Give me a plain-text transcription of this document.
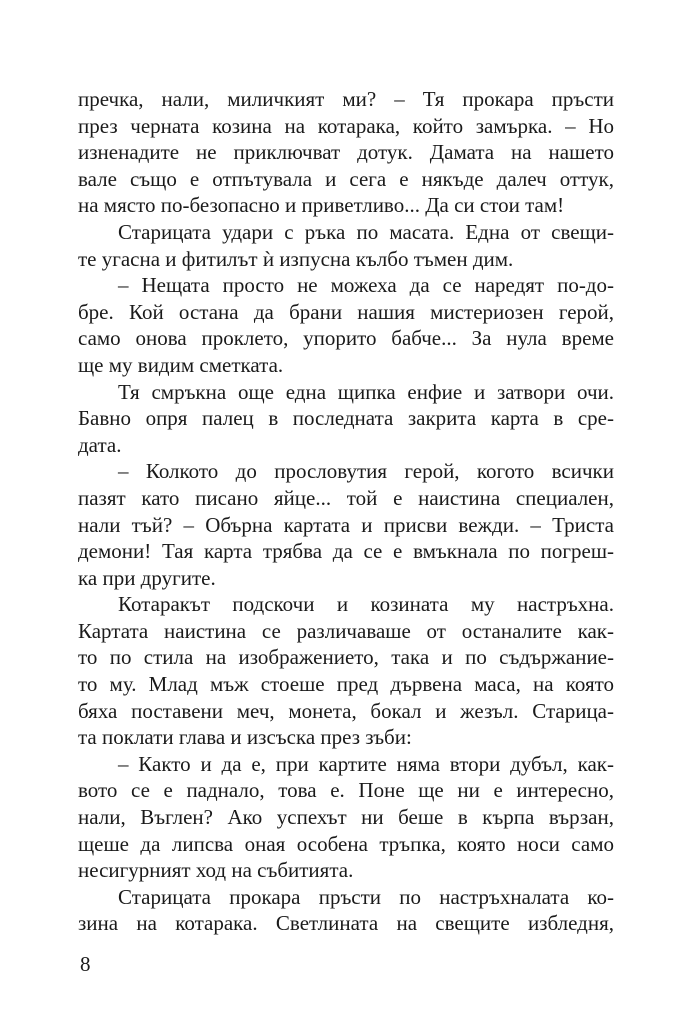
пречка, нали, миличкият ми? – Тя прокара пръсти
през черната козина на котарака, който замърка. – Но
изненадите не приключват дотук. Дамата на нашето
вале също е отпътувала и сега е някъде далеч оттук,
на място по-безопасно и приветливо... Да си стои там!
Старицата удари с ръка по масата. Една от свещи-
те угасна и фитилът ѝ изпусна кълбо тъмен дим.
– Нещата просто не можеха да се наредят по-до-
бре. Кой остана да брани нашия мистериозен герой,
само онова проклето, упорито бабче... За нула време
ще му видим сметката.
Тя смръкна още една щипка енфие и затвори очи.
Бавно опря палец в последната закрита карта в сре-
дата.
– Колкото до прословутия герой, когото всички
пазят като писано яйце... той е наистина специален,
нали тъй? – Обърна картата и присви вежди. – Триста
демони! Тая карта трябва да се е вмъкнала по погреш-
ка при другите.
Котаракът подскочи и козината му настръхна.
Картата наистина се различаваше от останалите как-
то по стила на изображението, така и по съдържание-
то му. Млад мъж стоеше пред дървена маса, на която
бяха поставени меч, монета, бокал и жезъл. Старица-
та поклати глава и изсъска през зъби:
– Както и да е, при картите няма втори дубъл, как-
вото се е паднало, това е. Поне ще ни е интересно,
нали, Въглен? Ако успехът ни беше в кърпа вързан,
щеше да липсва оная особена тръпка, която носи само
несигурният ход на събитията.
Старицата прокара пръсти по настръхналата ко-
зина на котарака. Светлината на свещите избледня,
8
